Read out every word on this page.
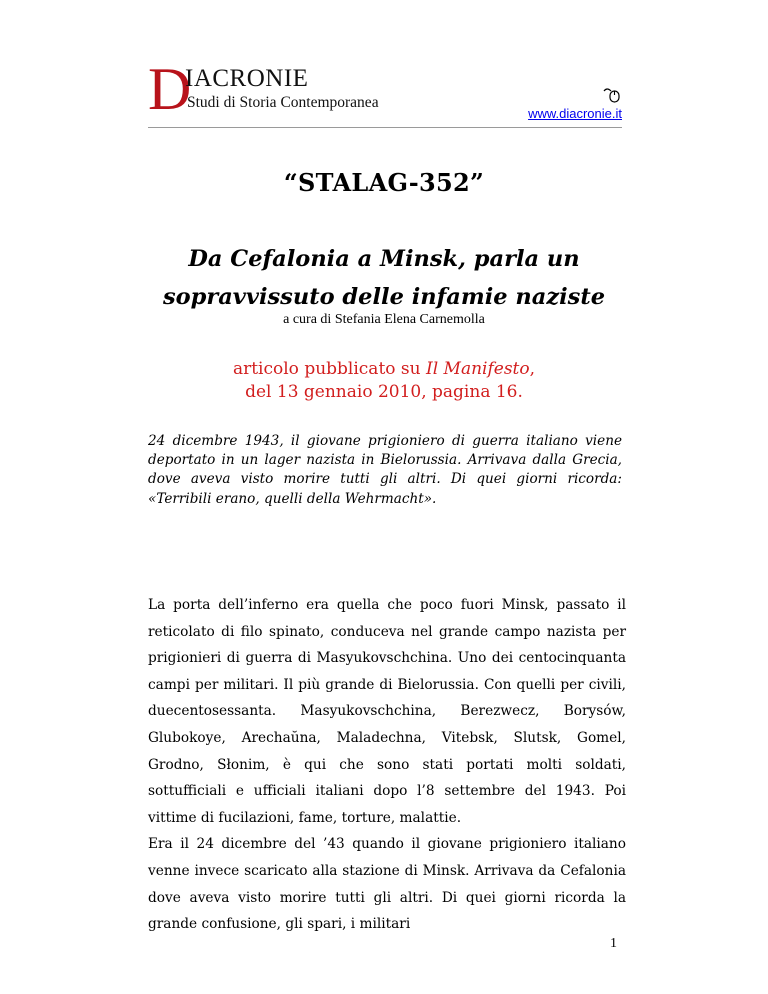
D
IACRONIE
Studi di Storia Contemporanea
www.diacronie.it
“STALAG-352”
Da Cefalonia a Minsk, parla un sopravvissuto delle infamie naziste
a cura di Stefania Elena Carnemolla
articolo pubblicato su Il Manifesto,
del 13 gennaio 2010, pagina 16.
24 dicembre 1943, il giovane prigioniero di guerra italiano viene deportato in un lager nazista in Bielorussia. Arrivava dalla Grecia, dove aveva visto morire tutti gli altri. Di quei giorni ricorda: «Terribili erano, quelli della Wehrmacht».

La porta dell’inferno era quella che poco fuori Minsk, passato il reticolato di filo spinato, conduceva nel grande campo nazista per prigionieri di guerra di Masyukovschchina. Uno dei centocinquanta campi per militari. Il più grande di Bielorussia. Con quelli per civili, duecentosessanta. Masyukovschchina, Berezwecz, Borysów, Glubokoye, Arechaŭna, Maladechna, Vitebsk, Slutsk, Gomel, Grodno, Słonim, è qui che sono stati portati molti soldati, sottufficiali e ufficiali italiani dopo l’8 settembre del 1943. Poi vittime di fucilazioni, fame, torture, malattie.

Era il 24 dicembre del ’43 quando il giovane prigioniero italiano venne invece scaricato alla stazione di Minsk. Arrivava da Cefalonia dove aveva visto morire tutti gli altri. Di quei giorni ricorda la grande confusione, gli spari, i militari

1
